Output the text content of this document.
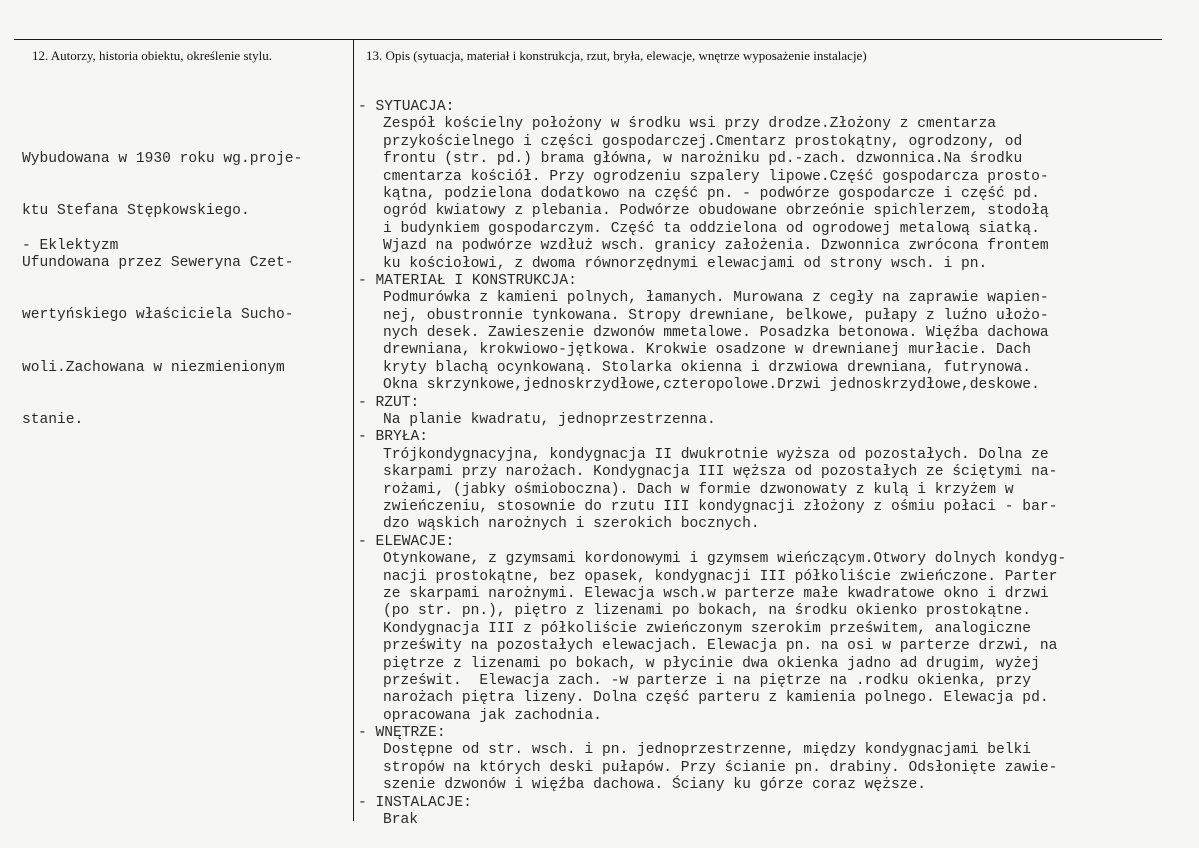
12. Autorzy, historia obiektu, określenie stylu.	13. Opis (sytuacja, materiał i konstrukcja, rzut, bryła, elewacje, wnętrze wyposażenie instalacje)

Wybudowana w 1930 roku wg.proje-

ktu Stefana Stępkowskiego.

Ufundowana przez Seweryna Czet-

wertyńskiego właściciela Sucho-

woli.Zachowana w niezmienionym

stanie.

- Eklektyzm
- SYTUACJA:
Zespół kościelny położony w środku wsi przy drodze.Złożony z cmentarza
przykościelnego i części gospodarczej.Cmentarz prostokątny, ogrodzony, od
frontu (str. pd.) brama główna, w narożniku pd.-zach. dzwonnica.Na środku
cmentarza kościół. Przy ogrodzeniu szpalery lipowe.Część gospodarcza prosto-
kątna, podzielona dodatkowo na część pn. - podwórze gospodarcze i część pd.
ogród kwiatowy z plebania. Podwórze obudowane obrzeónie spichlerzem, stodołą
i budynkiem gospodarczym. Część ta oddzielona od ogrodowej metalową siatką.
Wjazd na podwórze wzdłuż wsch. granicy założenia. Dzwonnica zwrócona frontem
ku kościołowi, z dwoma równorzędnymi elewacjami od strony wsch. i pn.
- MATERIAŁ I KONSTRUKCJA:
Podmurówka z kamieni polnych, łamanych. Murowana z cegły na zaprawie wapien-
nej, obustronnie tynkowana. Stropy drewniane, belkowe, pułapy z luźno ułożo-
nych desek. Zawieszenie dzwonów mmetalowe. Posadzka betonowa. Więźba dachowa
drewniana, krokwiowo-jętkowa. Krokwie osadzone w drewnianej murłacie. Dach
kryty blachą ocynkowaną. Stolarka okienna i drzwiowa drewniana, futrynowa.
Okna skrzynkowe,jednoskrzydłowe,czteropolowe.Drzwi jednoskrzydłowe,deskowe.
- RZUT:
Na planie kwadratu, jednoprzestrzenna.
- BRYŁA:
Trójkondygnacyjna, kondygnacja II dwukrotnie wyższa od pozostałych. Dolna ze
skarpami przy narożach. Kondygnacja III węższa od pozostałych ze ściętymi na-
rożami, (jabky ośmioboczna). Dach w formie dzwonowaty z kulą i krzyżem w
zwieńczeniu, stosownie do rzutu III kondygnacji złożony z ośmiu połaci - bar-
dzo wąskich narożnych i szerokich bocznych.
- ELEWACJE:
Otynkowane, z gzymsami kordonowymi i gzymsem wieńczącym.Otwory dolnych kondyg-
nacji prostokątne, bez opasek, kondygnacji III półkoliście zwieńczone. Parter
ze skarpami narożnymi. Elewacja wsch.w parterze małe kwadratowe okno i drzwi
(po str. pn.), piętro z lizenami po bokach, na środku okienko prostokątne.
Kondygnacja III z półkoliście zwieńczonym szerokim prześwitem, analogiczne
prześwity na pozostałych elewacjach. Elewacja pn. na osi w parterze drzwi, na
piętrze z lizenami po bokach, w płycinie dwa okienka jadno ad drugim, wyżej
prześwit.  Elewacja zach. -w parterze i na piętrze na .rodku okienka, przy
narożach piętra lizeny. Dolna część parteru z kamienia polnego. Elewacja pd.
opracowana jak zachodnia.
- WNĘTRZE:
Dostępne od str. wsch. i pn. jednoprzestrzenne, między kondygnacjami belki
stropów na których deski pułapów. Przy ścianie pn. drabiny. Odsłonięte zawie-
szenie dzwonów i więźba dachowa. Ściany ku górze coraz węższe.
- INSTALACJE:
Brak
